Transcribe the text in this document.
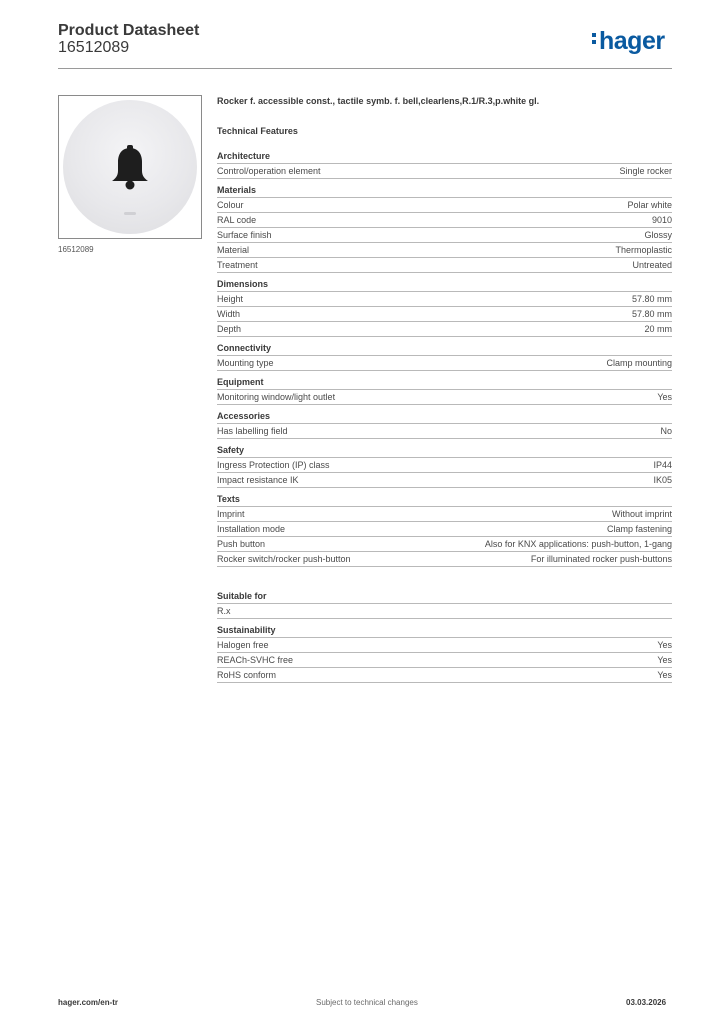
Product Datasheet
16512089	hager
16512089
Rocker f. accessible const., tactile symb. f. bell,clearlens,R.1/R.3,p.white gl.
Technical Features
Architecture
Control/operation element	Single rocker
Materials
Colour	Polar white
RAL code	9010
Surface finish	Glossy
Material	Thermoplastic
Treatment	Untreated
Dimensions
Height	57.80 mm
Width	57.80 mm
Depth	20 mm
Connectivity
Mounting type	Clamp mounting
Equipment
Monitoring window/light outlet	Yes
Accessories
Has labelling field	No
Safety
Ingress Protection (IP) class	IP44
Impact resistance IK	IK05
Texts
Imprint	Without imprint
Installation mode	Clamp fastening
Push button	Also for KNX applications: push-button, 1-gang
Rocker switch/rocker push-button	For illuminated rocker push-buttons
Suitable for
R.x
Sustainability
Halogen free	Yes
REACh-SVHC free	Yes
RoHS conform	Yes
hager.com/en-tr	Subject to technical changes	03.03.2026
